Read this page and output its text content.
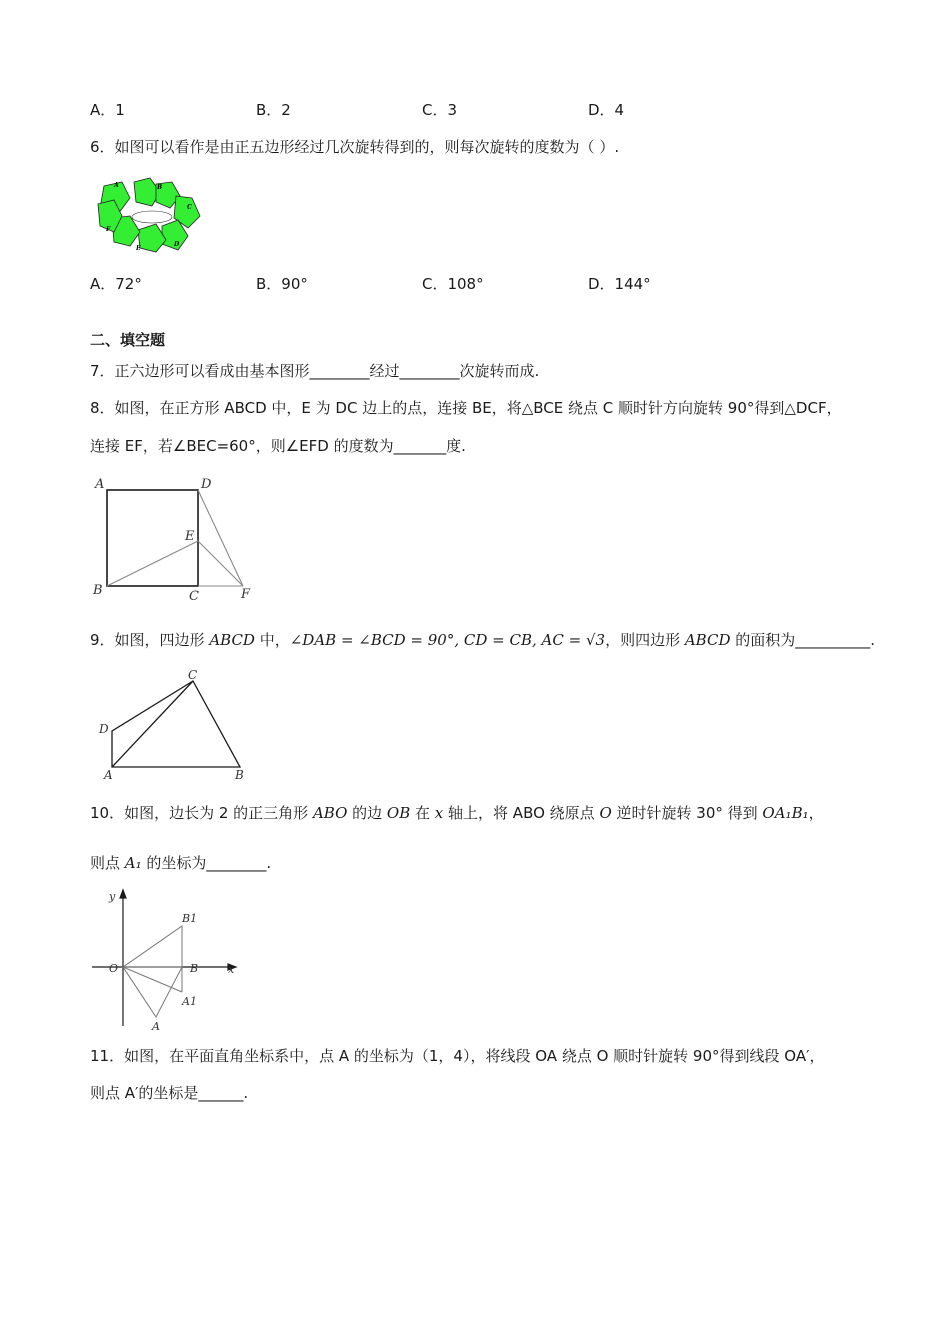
A．1	B．2	C．3	D．4
6．如图可以看作是由正五边形经过几次旋转得到的，则每次旋转的度数为（ ）.
A	B
C
D
E
F
A．72°	B．90°	C．108°	D．144°
二、填空题
7．正六边形可以看成由基本图形________经过________次旋转而成.
8．如图，在正方形 ABCD 中，E 为 DC 边上的点，连接 BE，将△BCE 绕点 C 顺时针方向旋转 90°得到△DCF，
连接 EF，若∠BEC=60°，则∠EFD 的度数为_______度.
A	D
E
B	C	F
9．如图，四边形 ABCD 中，∠DAB = ∠BCD = 90°, CD = CB, AC = √3，则四边形 ABCD 的面积为__________.
C
D
A	B
10．如图，边长为 2 的正三角形 ABO 的边 OB 在 x 轴上，将 ABO 绕原点 O 逆时针旋转 30° 得到 OA₁B₁，
则点 A₁ 的坐标为________.
y
B1
O	B	x
A1
A
11．如图，在平面直角坐标系中，点 A 的坐标为（1，4），将线段 OA 绕点 O 顺时针旋转 90°得到线段 OA′，
则点 A′的坐标是______.
